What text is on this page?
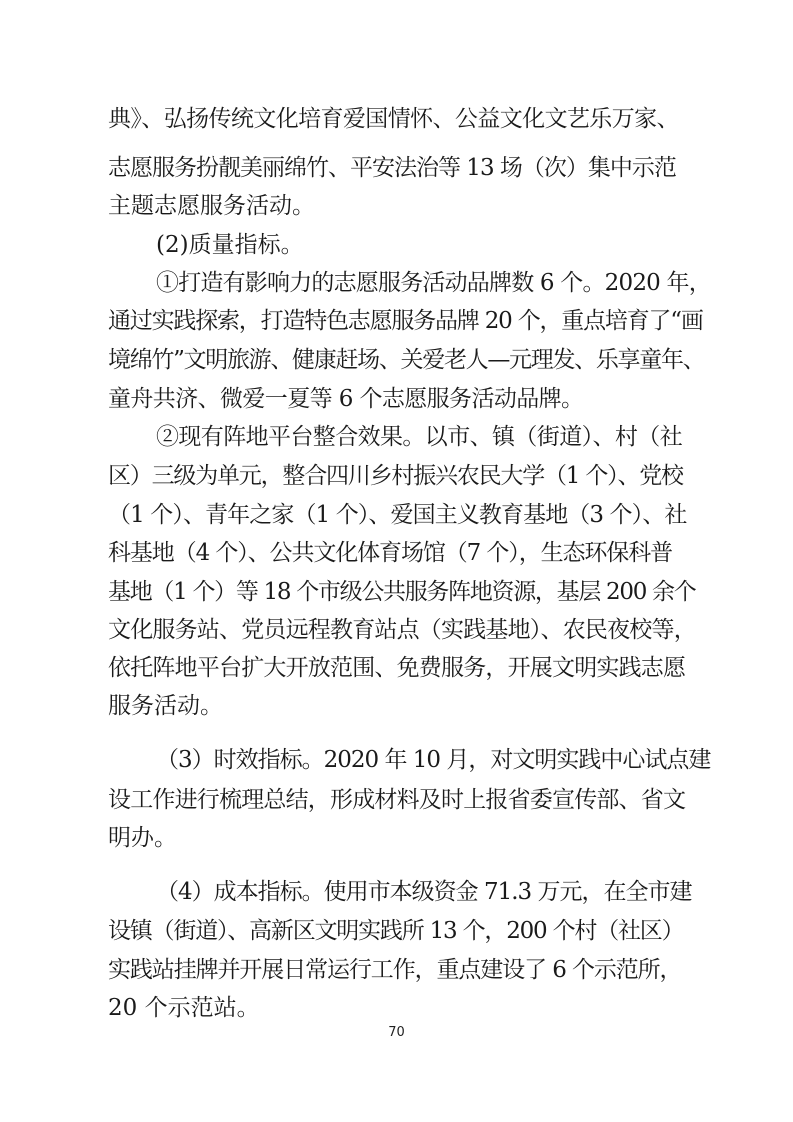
典》、弘扬传统文化培育爱国情怀、公益文化文艺乐万家、
志愿服务扮靓美丽绵竹、平安法治等 13 场（次）集中示范
主题志愿服务活动。
(2)质量指标。
①打造有影响力的志愿服务活动品牌数 6 个。2020 年，
通过实践探索，打造特色志愿服务品牌 20 个，重点培育了“画
境绵竹”文明旅游、健康赶场、关爱老人—元理发、乐享童年、
童舟共济、微爱一夏等 6 个志愿服务活动品牌。
②现有阵地平台整合效果。以市、镇（街道）、村（社
区）三级为单元，整合四川乡村振兴农民大学（1 个）、党校
（1 个）、青年之家（1 个）、爱国主义教育基地（3 个）、社
科基地（4 个）、公共文化体育场馆（7 个），生态环保科普
基地（1 个）等 18 个市级公共服务阵地资源，基层 200 余个
文化服务站、党员远程教育站点（实践基地）、农民夜校等，
依托阵地平台扩大开放范围、免费服务，开展文明实践志愿
服务活动。
（3）时效指标。2020 年 10 月，对文明实践中心试点建
设工作进行梳理总结，形成材料及时上报省委宣传部、省文
明办。
（4）成本指标。使用市本级资金 71.3 万元，在全市建
设镇（街道）、高新区文明实践所 13 个，200 个村（社区）
实践站挂牌并开展日常运行工作，重点建设了 6 个示范所，
20 个示范站。
70
